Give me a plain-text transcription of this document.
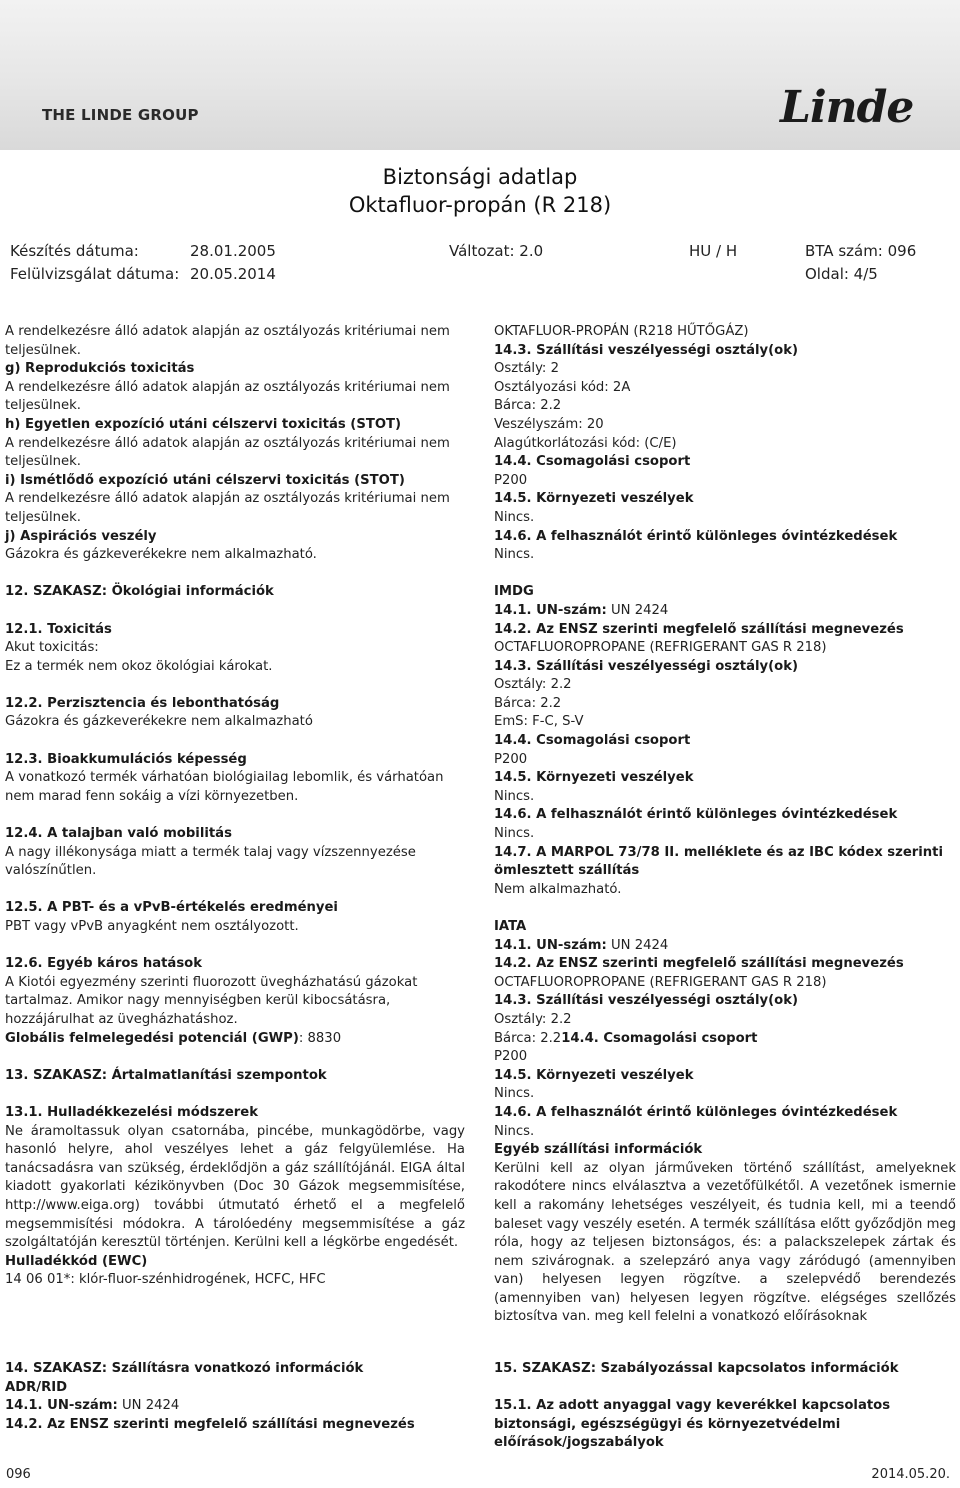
THE LINDE GROUP	Linde
Biztonsági adatlap
Oktafluor-propán (R 218)
Készítés dátuma:	28.01.2005
Felülvizsgálat dátuma: 20.05.2014
Változat: 2.0	HU / H	BTA szám: 096
Oldal: 4/5

A rendelkezésre álló adatok alapján az osztályozás kritériumai nem teljesülnek.

g) Reprodukciós toxicitás

A rendelkezésre álló adatok alapján az osztályozás kritériumai nem teljesülnek.

h) Egyetlen expozíció utáni célszervi toxicitás (STOT)

A rendelkezésre álló adatok alapján az osztályozás kritériumai nem teljesülnek.

i) Ismétlődő expozíció utáni célszervi toxicitás (STOT)

A rendelkezésre álló adatok alapján az osztályozás kritériumai nem teljesülnek.

j) Aspirációs veszély

Gázokra és gázkeverékekre nem alkalmazható.

12. SZAKASZ: Ökológiai információk

12.1. Toxicitás

Akut toxicitás:

Ez a termék nem okoz ökológiai károkat.

12.2. Perzisztencia és lebonthatóság

Gázokra és gázkeverékekre nem alkalmazható

12.3. Bioakkumulációs képesség

A vonatkozó termék várhatóan biológiailag lebomlik, és várhatóan nem marad fenn sokáig a vízi környezetben.

12.4. A talajban való mobilitás

A nagy illékonysága miatt a termék talaj vagy vízszennyezése valószínűtlen.

12.5. A PBT- és a vPvB-értékelés eredményei

PBT vagy vPvB anyagként nem osztályozott.

12.6. Egyéb káros hatások

A Kiotói egyezmény szerinti fluorozott üvegházhatású gázokat tartalmaz. Amikor nagy mennyiségben kerül kibocsátásra, hozzájárulhat az üvegházhatáshoz.

Globális felmelegedési potenciál (GWP): 8830

13. SZAKASZ: Ártalmatlanítási szempontok

13.1. Hulladékkezelési módszerek

Ne áramoltassuk olyan csatornába, pincébe, munkagödörbe, vagy hasonló helyre, ahol veszélyes lehet a gáz felgyülemlése. Ha tanácsadásra van szükség, érdeklődjön a gáz szállítójánál. EIGA által kiadott gyakorlati kézikönyvben (Doc 30 Gázok megsemmisítése, http://www.eiga.org) további útmutató érhető el a megfelelő megsemmisítési módokra. A tárolóedény megsemmisítése a gáz szolgáltatóján keresztül történjen. Kerülni kell a légkörbe engedését.

Hulladékkód (EWC)

14 06 01*: klór-fluor-szénhidrogének, HCFC, HFC

OKTAFLUOR-PROPÁN (R218 HŰTŐGÁZ)

14.3. Szállítási veszélyességi osztály(ok)

Osztály: 2

Osztályozási kód: 2A

Bárca: 2.2

Veszélyszám: 20

Alagútkorlátozási kód: (C/E)

14.4. Csomagolási csoport

P200

14.5. Környezeti veszélyek

Nincs.

14.6. A felhasználót érintő különleges óvintézkedések

Nincs.

IMDG

14.1. UN-szám: UN 2424

14.2. Az ENSZ szerinti megfelelő szállítási megnevezés

OCTAFLUOROPROPANE (REFRIGERANT GAS R 218)

14.3. Szállítási veszélyességi osztály(ok)

Osztály: 2.2

Bárca: 2.2

EmS: F-C, S-V

14.4. Csomagolási csoport

P200

14.5. Környezeti veszélyek

Nincs.

14.6. A felhasználót érintő különleges óvintézkedések

Nincs.

14.7. A MARPOL 73/78 II. melléklete és az IBC kódex szerinti ömlesztett szállítás

Nem alkalmazható.

IATA

14.1. UN-szám: UN 2424

14.2. Az ENSZ szerinti megfelelő szállítási megnevezés

OCTAFLUOROPROPANE (REFRIGERANT GAS R 218)

14.3. Szállítási veszélyességi osztály(ok)

Osztály: 2.2

Bárca: 2.214.4. Csomagolási csoport

P200

14.5. Környezeti veszélyek

Nincs.

14.6. A felhasználót érintő különleges óvintézkedések

Nincs.

Egyéb szállítási információk

Kerülni kell az olyan járműveken történő szállítást, amelyeknek rakodótere nincs elválasztva a vezetőfülkétől. A vezetőnek ismernie kell a rakomány lehetséges veszélyeit, és tudnia kell, mi a teendő baleset vagy veszély esetén. A termék szállítása előtt győződjön meg róla, hogy az teljesen biztonságos, és: a palackszelepek zártak és nem szivárognak. a szelepzáró anya vagy záródugó (amennyiben van) helyesen legyen rögzítve. a szelepvédő berendezés (amennyiben van) helyesen legyen rögzítve. elégséges szellőzés biztosítva van. meg kell felelni a vonatkozó előírásoknak

14. SZAKASZ: Szállításra vonatkozó információk

ADR/RID

14.1. UN-szám: UN 2424

14.2. Az ENSZ szerinti megfelelő szállítási megnevezés

15. SZAKASZ: Szabályozással kapcsolatos információk

15.1. Az adott anyaggal vagy keverékkel kapcsolatos biztonsági, egészségügyi és környezetvédelmi előírások/jogszabályok

096	2014.05.20.
